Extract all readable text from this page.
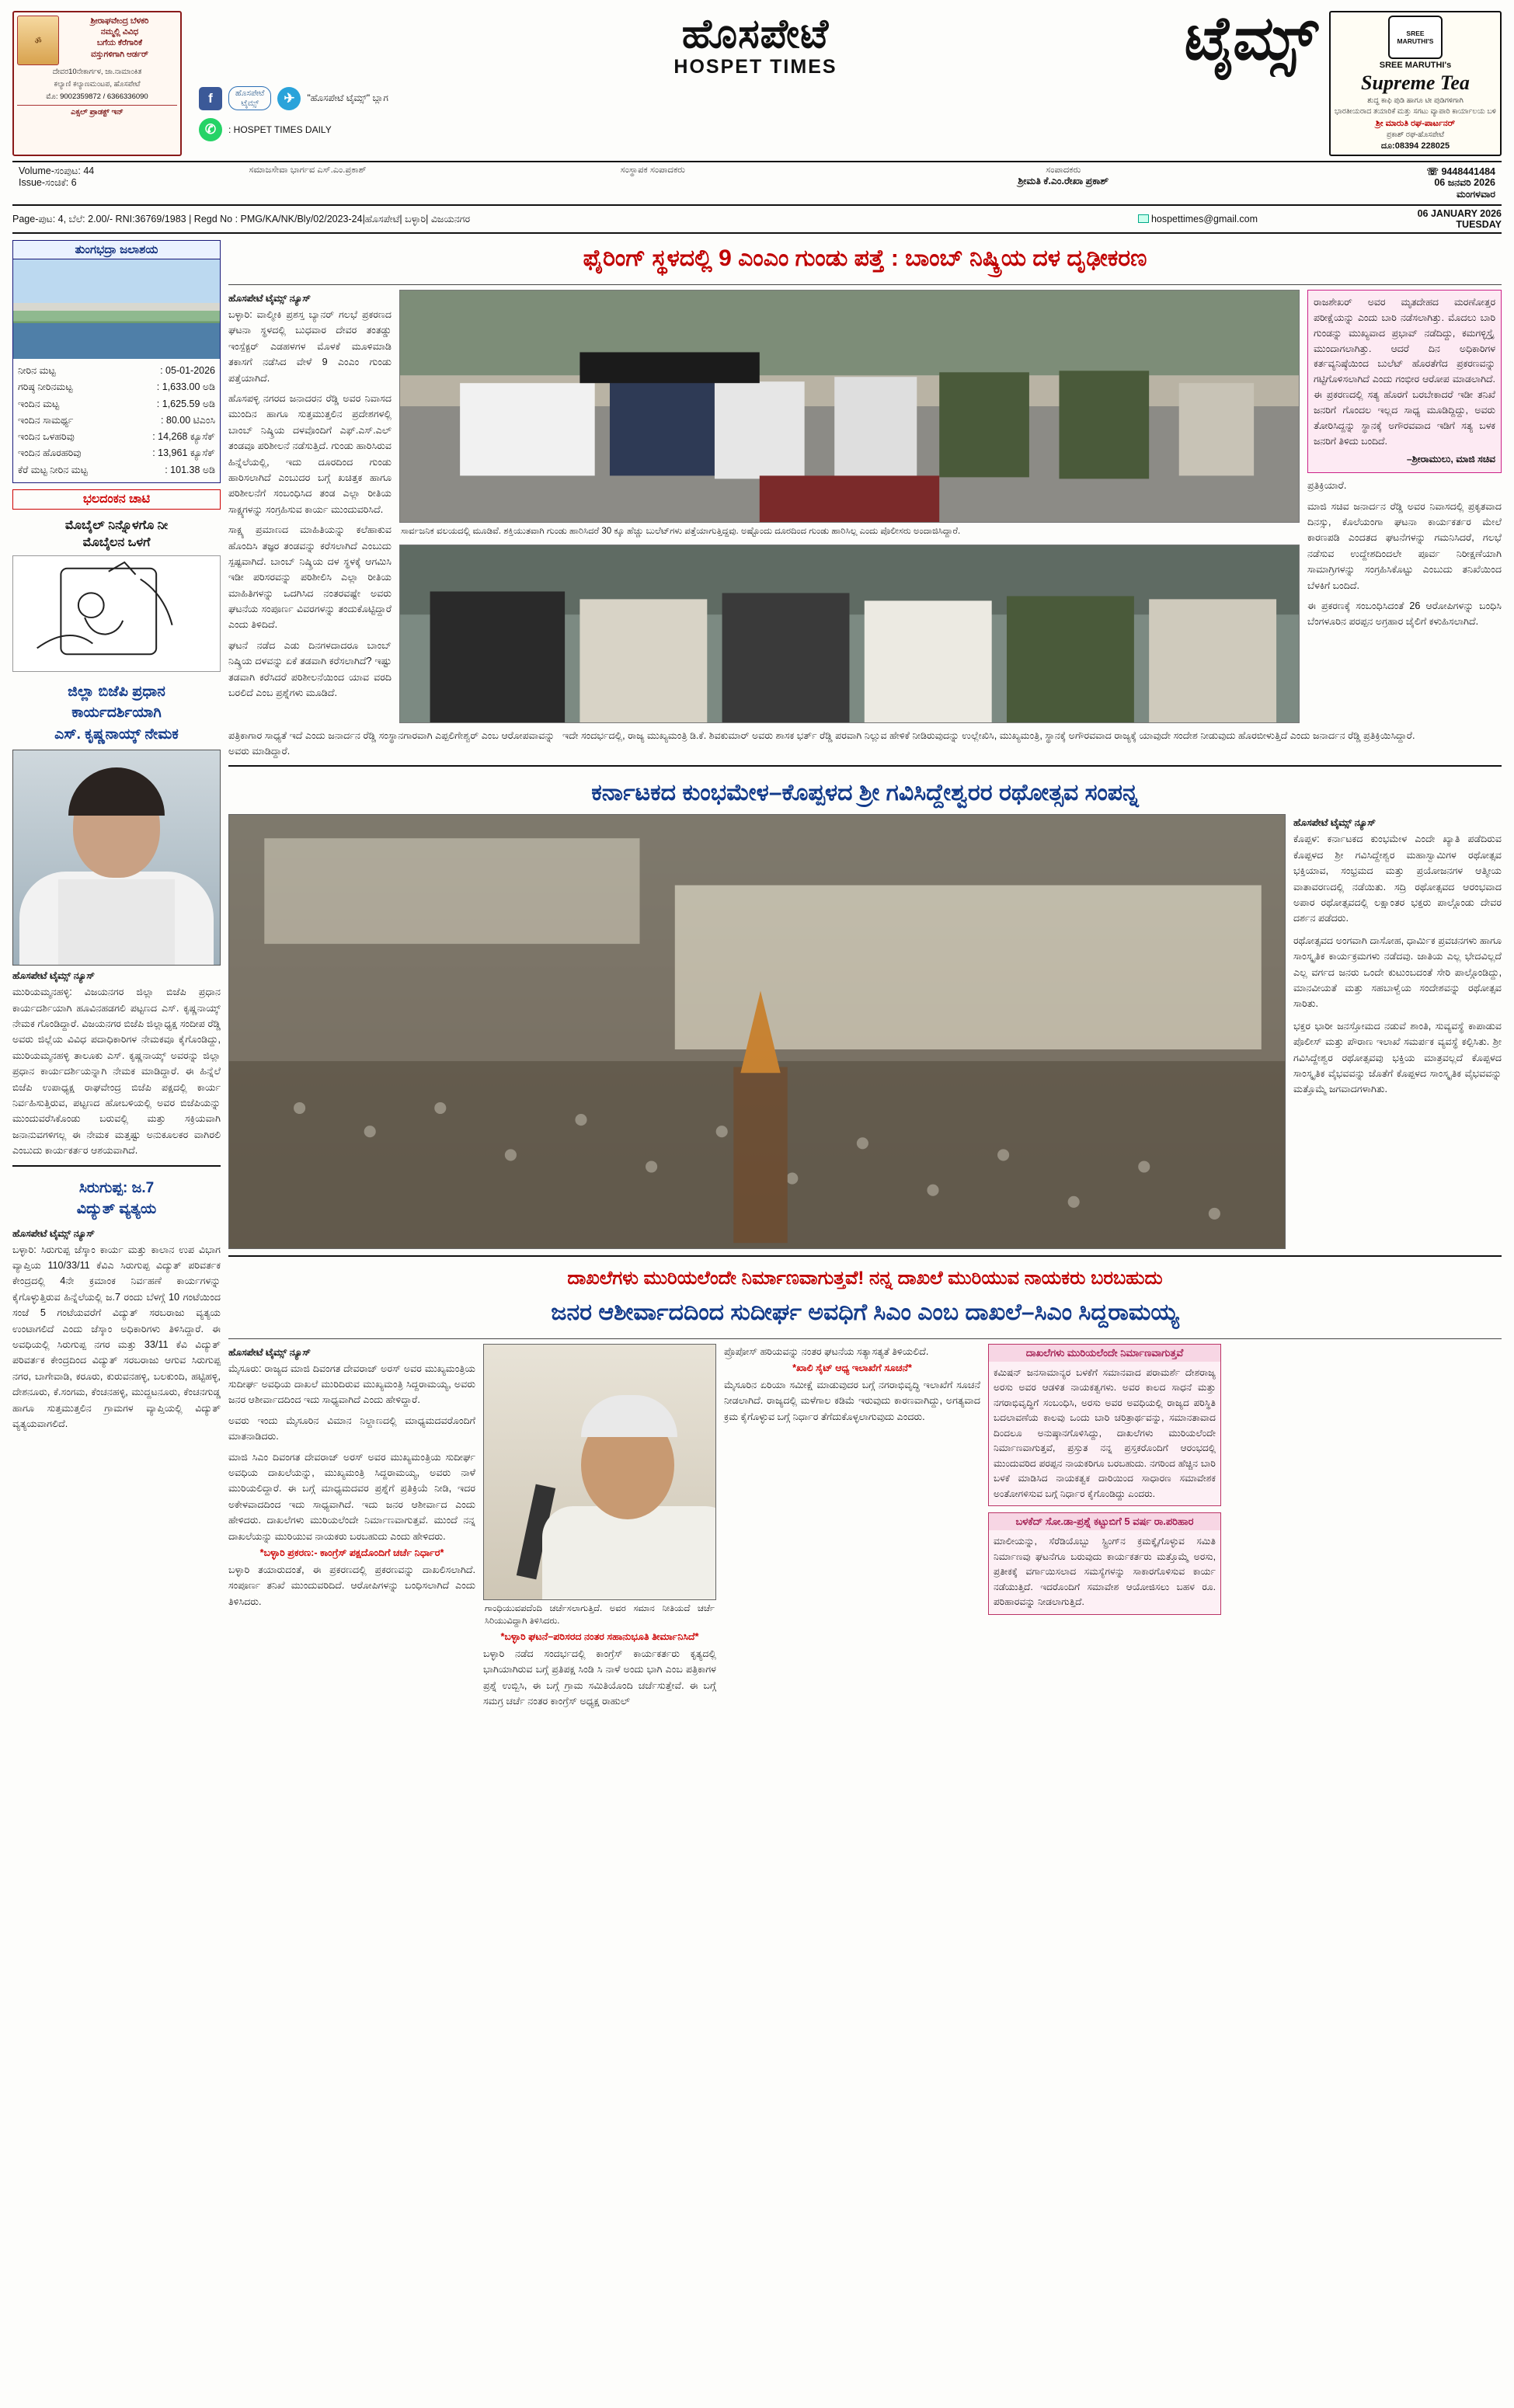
ॐ
ಶ್ರೀರಾಘವೇಂದ್ರ ಬೆಳಕರಿ
ನಮ್ಮಲ್ಲಿ ವಿವಿಧ
ಬಗೆಯ ಕೆರೆಗಾರಿಕೆ
ವಸ್ತುಗಳಿಗಾಗಿ ಆರ್ಡರ್
ದೇವರ10ನೇಕಾರ್ಗಳ, ಜಾ.ನಾಮಾಂಕಿತ
ಕಲ್ಯಾಣಿ ಕಲ್ಯಾಣಮಂಟಪ, ಹೊಸಪೇಟೆ
ಮೊ: 9002359872 / 6366336090
ಎಕ್ಸಲ್ ಪ್ರಾಡಕ್ಟ್ ಇನ್
ಹೊಸಪೇಟೆ
HOSPET TIMES	ಟೈಮ್ಸ್
f	ಹೊಸಪೇಟೆ
ಟೈಮ್ಸ್	✈	"ಹೊಸಪೇಟೆ ಟೈಮ್ಸ್" ಬ್ಲಾಗ
✆	: HOSPET TIMES DAILY
SREE
MARUTHI'S
SREE MARUTHI's
Supreme Tea
ಶುದ್ಧ ಕಾಫಿ ಪುಡಿ ಹಾಗೂ ಟೀ ಪುಡಿಗಳಿಗಾಗಿ
ಭಾರತೀಯರಾದ ತಯಾರಿಕೆ ಮತ್ತು ಸಗಟು ವ್ಯಾಪಾರಿ ಕಾರ್ಯಾಲಯ ಬಳಿ
ಶ್ರೀ ಮಾರುತಿ ರಘ-ಪಾರ್ಟನರ್
ಪ್ರಕಾಶ್ ರಘ-ಹೊಸಪೇಟೆ
ದೂ:08394 228025
Volume-ಸಂಪುಟ: 44
Issue-ಸಂಚಿಕೆ: 6
ಸಮಾಜಸೇವಾ ಭಾರ್ಗವ ಎಸ್.ಎಂ.ಪ್ರಕಾಶ್	ಸಂಸ್ಥಾಪಕ ಸಂಪಾದಕರು	ಸಂಪಾದಕರು
ಶ್ರೀಮತಿ ಕೆ.ಎಂ.ರೇಖಾ ಪ್ರಕಾಶ್
☏ 9448441484
06 ಜನವರಿ 2026
ಮಂಗಳವಾರ
Page-ಪುಟ: 4, ಬೆಲೆ: 2.00/- RNI:36769/1983 | Regd No : PMG/KA/NK/Bly/02/2023-24|ಹೊಸಪೇಟೆ| ಬಳ್ಳಾರಿ| ವಿಜಯನಗರ	hospettimes@gmail.com	06 JANUARY 2026
TUESDAY
ತುಂಗಭದ್ರಾ ಜಲಾಶಯ
ನೀರಿನ ಮಟ್ಟ	: 05-01-2026
ಗರಿಷ್ಠ ನೀರಿನಮಟ್ಟ	: 1,633.00 ಅಡಿ
ಇಂದಿನ ಮಟ್ಟ	: 1,625.59 ಅಡಿ
ಇಂದಿನ ಸಾಮರ್ಥ್ಯ	: 80.00 ಟಿಎಂಸಿ
ಇಂದಿನ ಒಳಹರಿವು	: 14,268 ಕ್ಯೂಸೆಕ್
ಇಂದಿನ ಹೊರಹರಿವು	: 13,961 ಕ್ಯೂಸೆಕ್
ಕೆರೆ ಮಟ್ಟ ನೀರಿನ ಮಟ್ಟ	: 101.38 ಅಡಿ
ಭಲದಂಕನ ಚಾಟಿ
ಮೊಬೈಲ್ ನಿನ್ನೊಳಗೊ ನೀ
ಮೊಬೈಲನ ಒಳಗೆ
ಜಿಲ್ಲಾ ಬಿಜೆಪಿ ಪ್ರಧಾನ
ಕಾರ್ಯದರ್ಶಿಯಾಗಿ
ಎಸ್. ಕೃಷ್ಣನಾಯ್ಕ್ ನೇಮಕ
ಹೊಸಪೇಟೆ ಟೈಮ್ಸ್ ನ್ಯೂಸ್
ಮುರಿಯಮ್ಮನಹಳ್ಳಿ: ವಿಜಯನಗರ ಜಿಲ್ಲಾ ಬಿಜೆಪಿ ಪ್ರಧಾನ ಕಾರ್ಯದರ್ಶಿಯಾಗಿ ಹೂವಿನಹಡಗಲಿ ಪಟ್ಟಣದ ಎಸ್. ಕೃಷ್ಣನಾಯ್ಕ್ ನೇಮಕ ಗೊಂಡಿದ್ದಾರೆ. ವಿಜಯನಗರ ಬಿಜೆಪಿ ಜಿಲ್ಲಾಧ್ಯಕ್ಷ ಸಂದೀಪ ರೆಡ್ಡಿ ಅವರು ಜಿಲ್ಲೆಯ ವಿವಿಧ ಪದಾಧಿಕಾರಿಗಳ ನೇಮಕವೂ ಕೈಗೊಂಡಿದ್ದು, ಮುರಿಯಮ್ಮನಹಳ್ಳಿ ತಾಲೂಕು ಎಸ್. ಕೃಷ್ಣನಾಯ್ಕ್ ಅವರನ್ನು ಜಿಲ್ಲಾ ಪ್ರಧಾನ ಕಾರ್ಯದರ್ಶಿಯನ್ನಾಗಿ ನೇಮಕ ಮಾಡಿದ್ದಾರೆ. ಈ ಹಿನ್ನೆಲೆ ಬಿಜೆಪಿ ಉಪಾಧ್ಯಕ್ಷ ರಾಘವೇಂದ್ರ ಬಿಜೆಪಿ ಪಕ್ಷದಲ್ಲಿ ಕಾರ್ಯ ನಿರ್ವಹಿಸುತ್ತಿರುವ, ಪಟ್ಟಣದ ಹೋಬಳಿಯಲ್ಲಿ ಅವರ ಬಿಜೆಪಿಯನ್ನು ಮುಂದುವರೆಸಿಕೊಂಡು ಬರುವಲ್ಲಿ ಮತ್ತು ಸಕ್ರಿಯವಾಗಿ ಜನಾನುವಗಳಿಗಲ್ಲ ಈ ನೇಮಕ ಮತ್ತಷ್ಟು ಅನುಕೂಲಕರ ವಾಗಿರಲಿ ಎಂಬುದು ಕಾರ್ಯಕರ್ತರ ಆಶಯವಾಗಿದೆ.
ಸಿರುಗುಪ್ಪ: ಜ.7
ವಿದ್ಯುತ್ ವ್ಯತ್ಯಯ
ಹೊಸಪೇಟೆ ಟೈಮ್ಸ್ ನ್ಯೂಸ್
ಬಳ್ಳಾರಿ: ಸಿರುಗುಪ್ಪ ಜೆಸ್ಕಾಂ ಕಾರ್ಯ ಮತ್ತು ಕಾಲಾನ ಉಪ ವಿಭಾಗ ವ್ಯಾಪ್ತಿಯ 110/33/11 ಕೆವಿಎ ಸಿರುಗುಪ್ಪ ವಿದ್ಯುತ್ ಪರಿವರ್ತಕ ಕೇಂದ್ರದಲ್ಲಿ 4ನೇ ಕ್ರಮಾಂಕ ನಿರ್ವಹಣೆ ಕಾರ್ಯಗಳನ್ನು ಕೈಗೊಳ್ಳುತ್ತಿರುವ ಹಿನ್ನೆಲೆಯಲ್ಲಿ ಜ.7 ರಂದು ಬೆಳಗ್ಗೆ 10 ಗಂಟೆಯಿಂದ ಸಂಜೆ 5 ಗಂಟೆಯವರೆಗೆ ವಿದ್ಯುತ್ ಸರಬರಾಜು ವ್ಯತ್ಯಯ ಉಂಟಾಗಲಿದೆ ಎಂದು ಜೆಸ್ಕಾಂ ಅಧಿಕಾರಿಗಳು ತಿಳಿಸಿದ್ದಾರೆ. ಈ ಅವಧಿಯಲ್ಲಿ ಸಿರುಗುಪ್ಪ ನಗರ ಮತ್ತು 33/11 ಕೆವಿ ವಿದ್ಯುತ್ ಪರಿವರ್ತಕ ಕೇಂದ್ರದಿಂದ ವಿದ್ಯುತ್ ಸರಬರಾಜು ಆಗುವ ಸಿರುಗುಪ್ಪ ನಗರ, ಬಾಗೇವಾಡಿ, ಕರೂರು, ಕುರುವನಹಳ್ಳಿ, ಬಲಕುಂದಿ, ಹಟ್ಟಿಹಳ್ಳಿ, ದೇಶನೂರು, ಕೆ.ಸಂಗಮ, ಕೆಂಚನಹಳ್ಳಿ, ಮುದ್ದಟನೂರು, ಕೆಂಚನಗುಡ್ಡ ಹಾಗೂ ಸುತ್ತಮುತ್ತಲಿನ ಗ್ರಾಮಗಳ ವ್ಯಾಪ್ತಿಯಲ್ಲಿ ವಿದ್ಯುತ್ ವ್ಯತ್ಯಯವಾಗಲಿದೆ.
ಫೈರಿಂಗ್ ಸ್ಥಳದಲ್ಲಿ 9 ಎಂಎಂ ಗುಂಡು ಪತ್ತೆ : ಬಾಂಬ್ ನಿಷ್ಕ್ರಿಯ ದಳ ದೃಢೀಕರಣ
ಹೊಸಪೇಟೆ ಟೈಮ್ಸ್ ನ್ಯೂಸ್
ಬಳ್ಳಾರಿ: ವಾಲ್ಮೀಕಿ ಪ್ರಶಸ್ತ ಬ್ಯಾನರ್ ಗಲಭೆ ಪ್ರಕರಣದ ಘಟನಾ ಸ್ಥಳದಲ್ಲಿ ಬುಧವಾರ ದೇವರ ತಂತಡ್ಡು ಇಂಸ್ಪೆಕ್ಟರ್ ಎಡಹಳಗಳ ಮೊಳಕೆ ಮೂಳಿಮಾಡಿ ತಕಾಸಗೆ ನಡೆಸಿದ ವೇಳೆ 9 ಎಂಎಂ ಗುಂಡು ಪತ್ತೆಯಾಗಿದೆ.
ಹೊಸಪಳ್ಳಿ ನಗರದ ಜನಾದರನ ರೆಡ್ಡಿ ಅವರ ನಿವಾಸದ ಮುಂದಿನ ಹಾಗೂ ಸುತ್ತಮುತ್ತಲಿನ ಪ್ರದೇಶಗಳಲ್ಲಿ ಬಾಂಬ್ ನಿಷ್ಕ್ರಿಯ ದಳವೊಂದಿಗೆ ಎಫ್.ಎಸ್.ಎಲ್ ತಂಡವೂ ಪರಿಶೀಲನೆ ನಡೆಸುತ್ತಿದೆ. ಗುಂಡು ಹಾರಿಸಿರುವ ಹಿನ್ನೆಲೆಯಲ್ಲಿ, ಇದು ದೂರದಿಂದ ಗುಂಡು ಹಾರಿಸಲಾಗಿದೆ ಎಂಬುದರ ಬಗ್ಗೆ ಖಚಿತ್ತಕ ಹಾಗೂ ಪರಿಶೀಲನೆಗೆ ಸಂಬಂಧಿಸಿದ ತಂಡ ಎಲ್ಲಾ ರೀತಿಯ ಸಾಕ್ಷ್ಯಗಳನ್ನು ಸಂಗ್ರಹಿಸುವ ಕಾರ್ಯ ಮುಂದುವರಿಸಿದೆ.
ಸಾಕ್ಷ್ಯ ಪ್ರಮಾಣದ ಮಾಹಿತಿಯನ್ನು ಕಲೆಹಾಕುವ ಹೊಂದಿಸಿ ತಜ್ಞರ ತಂಡವನ್ನು ಕರೆಸಲಾಗಿದೆ ಎಂಬುದು ಸ್ಪಷ್ಟವಾಗಿದೆ. ಬಾಂಬ್ ನಿಷ್ಕ್ರಿಯ ದಳ ಸ್ಥಳಕ್ಕೆ ಆಗಮಿಸಿ ಇಡೀ ಪರಿಸರವನ್ನು ಪರಿಶೀಲಿಸಿ ಎಲ್ಲಾ ರೀತಿಯ ಮಾಹಿತಿಗಳನ್ನು ಒದಗಿಸಿದ ನಂತರವಷ್ಟೇ ಅವರು ಘಟನೆಯ ಸಂಪೂರ್ಣ ವಿವರಗಳನ್ನು ತಂದುಕೊಟ್ಟಿದ್ದಾರೆ ಎಂದು ತಿಳಿದಿದೆ.
ಘಟನೆ ನಡೆದ ಎಡು ದಿನಗಳದಾದರೂ ಬಾಂಬ್ ನಿಷ್ಕ್ರಿಯ ದಳವನ್ನು ಏಕೆ ತಡವಾಗಿ ಕರೆಸಲಾಗಿದೆ? ಇಷ್ಟು ತಡವಾಗಿ ಕರೆಸಿದರೆ ಪರಿಶೀಲನೆಯಿಂದ ಯಾವ ವರದಿ ಬರಲಿದೆ ಎಂಬ ಪ್ರಶ್ನೆಗಳು ಮೂಡಿದೆ.
ಸಾರ್ವಜನಿಕ ವಲಯದಲ್ಲಿ ಮೂಡಿವೆ. ಶಕ್ತಿಯುತವಾಗಿ ಗುಂಡು ಹಾರಿಸಿದರೆ 30 ಕ್ಕೂ ಹೆಚ್ಚು ಬುಲೆಟ್‌ಗಳು ಪತ್ತೆಯಾಗುತ್ತಿದ್ದವು. ಅಷ್ಟೊಂದು ದೂರದಿಂದ ಗುಂಡು ಹಾರಿಸಿಲ್ಲ ಎಂದು ಪೊಲೀಸರು ಅಂದಾಜಿಸಿದ್ದಾರೆ.
ರಾಜಶೇಖರ್ ಅವರ ಮೃತದೇಹದ ಮರಣೋತ್ತರ ಪರೀಕ್ಷೆಯನ್ನು ಎಂದು ಬಾರಿ ನಡೆಸಲಾಗಿತ್ತು. ಮೊದಲು ಬಾರಿ ಗುಂಡನ್ನು ಮುಖ್ಯವಾದ ಪ್ರಭಾವ್ ನಡೆದಿದ್ದು, ಕಮಗಳ್ಳಿಸ್ತ್ರೈ ಮುಂದಾಗಲಾಗಿತ್ತು. ಆದರೆ ದಿನ ಅಧಿಕಾರಿಗಳ ಕರ್ತವ್ಯನಿಷ್ಠೆಯಿಂದ ಬುಲೆಟ್ ಹೊರತೆಗೆದ ಪ್ರಕರಣವನ್ನು ಗಟ್ಟಿಗೊಳಿಸಲಾಗಿದೆ ಎಂದು ಗಂಭೀರ ಆರೋಪ ಮಾಡಲಾಗಿದೆ. ಈ ಪ್ರಕರಣದಲ್ಲಿ ಸತ್ಯ ಹೊರಗೆ ಬರಬೇಕಾದರೆ ಇಡೀ ತನಿಖೆ ಜನರಿಗೆ ಗೊಂದಲ ಇಲ್ಲದ ಸಾಧ್ಯ ಮೂಡಿದ್ದಿದ್ದು, ಅವರು ತೋರಿಸಿದ್ದನ್ನು ಸ್ಥಾನಕ್ಕೆ ಅಗೌರವವಾದ ಇಡಿಗೆ ಸತ್ಯ ಬಳಕ ಜನರಿಗೆ ತಿಳಿದು ಬಂದಿದೆ.
–ಶ್ರೀರಾಮುಲು, ಮಾಜಿ ಸಚಿವ
ಪ್ರತಿಕ್ರಿಯಾರೆ.
ಮಾಜಿ ಸಚಿವ ಜನಾರ್ದನ ರೆಡ್ಡಿ ಅವರ ನಿವಾಸದಲ್ಲಿ ಪ್ರಕೃತವಾದ ದಿನಸ್ಸು, ಕೊಲೆಯಂಗಾ ಘಟನಾ ಕಾರ್ಯಕರ್ತರ ಮೇಲೆ ಕಾರಣಪಡಿ ಎಂದತದ ಘಟನೆಗಳನ್ನು ಗಮನಿಸಿದರೆ, ಗಲಭೆ ನಡೆಸುವ ಉದ್ದೇಶದಿಂದಲೇ ಪೂರ್ವ ನಿರೀಕ್ಷಣೆಯಾಗಿ ಸಾಮಾಗ್ರಿಗಳನ್ನು ಸಂಗ್ರಹಿಸಿಕೊಟ್ಟು ಎಂಬುದು ತನಿಖೆಯಿಂದ ಬೆಳಕಿಗೆ ಬಂದಿದೆ.
ಈ ಪ್ರಕರಣಕ್ಕೆ ಸಂಬಂಧಿಸಿದಂತೆ 26 ಆರೋಪಿಗಳನ್ನು ಬಂಧಿಸಿ ಬೆಂಗಳೂರಿನ ಪರಪ್ಪನ ಅಗ್ರಹಾರ ಜೈಲಿಗೆ ಕಳುಹಿಸಲಾಗಿದೆ.
ಪತ್ರಿಕಾಗಾರ ಸಾಧ್ಯತೆ ಇದೆ ಎಂದು ಜನಾರ್ದನ ರೆಡ್ಡಿ ಸಂಸ್ಥಾನಗಾರವಾಗಿ ಎಪ್ಪಲಿಗೇಶ್ವರ್ ಎಂಬ ಆರೋಪವಾವನ್ನು ಅವರು ಮಾಡಿದ್ದಾರೆ.
ಇದೇ ಸಂದರ್ಭದಲ್ಲಿ, ರಾಜ್ಯ ಮುಖ್ಯಮಂತ್ರಿ ಡಿ.ಕೆ. ಶಿವಕುಮಾರ್ ಅವರು ಶಾಸಕ ಭರ್ತ್ ರೆಡ್ಡಿ ಪರವಾಗಿ ನಿಲ್ಲುವ ಹೇಳಿಕೆ ನೀಡಿರುವುದನ್ನು ಉಲ್ಲೇಖಿಸಿ, ಮುಖ್ಯಮಂತ್ರಿ, ಸ್ಥಾನಕ್ಕೆ ಅಗೌರವವಾದ ರಾಜ್ಯಕ್ಕೆ ಯಾವುದೇ ಸಂದೇಶ ನೀಡುವುದು ಹೊರಬೀಳುತ್ತಿದೆ ಎಂದು ಜನಾರ್ದನ ರೆಡ್ಡಿ ಪ್ರತಿಕ್ರಿಯಿಸಿದ್ದಾರೆ.
ಕರ್ನಾಟಕದ ಕುಂಭಮೇಳ–ಕೊಪ್ಪಳದ ಶ್ರೀ ಗವಿಸಿದ್ದೇಶ್ವರರ ರಥೋತ್ಸವ ಸಂಪನ್ನ
ಹೊಸಪೇಟೆ ಟೈಮ್ಸ್ ನ್ಯೂಸ್
ಕೊಪ್ಪಳ: ಕರ್ನಾಟಕದ ಕುಂಭಮೇಳ ಎಂದೇ ಖ್ಯಾತಿ ಪಡೆದಿರುವ ಕೊಪ್ಪಳದ ಶ್ರೀ ಗವಿಸಿದ್ದೇಶ್ವರ ಮಹಾಸ್ವಾಮಿಗಳ ರಥೋತ್ಸವ ಭಕ್ತಿಯಾವ, ಸಂಭ್ರಮದ ಮತ್ತು ಪ್ರಯೋಜನಗಳ ಆತ್ಮೀಯ ವಾತಾವರಣದಲ್ಲಿ ನಡೆಯಿತು. ಸದ್ರಿ ರಥೋತ್ಸವದ ಆರಂಭವಾದ ಅಪಾರ ರಥೋತ್ಸವದಲ್ಲಿ ಲಕ್ಷಾಂತರ ಭಕ್ತರು ಪಾಲ್ಗೊಂಡು ದೇವರ ದರ್ಶನ ಪಡೆದರು.
ರಥೋತ್ಸವದ ಅಂಗವಾಗಿ ದಾಸೋಹ, ಧಾರ್ಮಿಕ ಪ್ರವಚನಗಳು ಹಾಗೂ ಸಾಂಸ್ಕೃತಿಕ ಕಾರ್ಯಕ್ರಮಗಳು ನಡೆದವು. ಜಾತಿಯ ಎಲ್ಲ ಭೇದವಿಲ್ಲದೆ ಎಲ್ಲ ವರ್ಗದ ಜನರು ಒಂದೇ ಕುಟುಂಬದಂತೆ ಸೇರಿ ಪಾಲ್ಗೊಂಡಿದ್ದು, ಮಾನವೀಯತೆ ಮತ್ತು ಸಹಬಾಳ್ವೆಯ ಸಂದೇಶವನ್ನು ರಥೋತ್ಸವ ಸಾರಿತು.
ಭಕ್ತರ ಭಾರೀ ಜನಸ್ತೋಮದ ನಡುವೆ ಶಾಂತಿ, ಸುವ್ಯವಸ್ಥೆ ಕಾಪಾಡುವ ಪೊಲೀಸ್ ಮತ್ತು ಪೌರಾಣ ಇಲಾಖೆ ಸಮರ್ಪಕ ವ್ಯವಸ್ಥೆ ಕಲ್ಪಿಸಿತು. ಶ್ರೀ ಗವಿಸಿದ್ದೇಶ್ವರ ರಥೋತ್ಸವವು ಭಕ್ತಿಯ ಮಾತ್ರವಲ್ಲದೆ ಕೊಪ್ಪಳದ ಸಾಂಸ್ಕೃತಿಕ ವೈಭವವನ್ನು ಜೊತೆಗೆ ಕೊಪ್ಪಳದ ಸಾಂಸ್ಕೃತಿಕ ವೈಭವವನ್ನು ಮತ್ತೊಮ್ಮೆ ಜಗವಾದಗಳಾಗಿತು.
ದಾಖಲೆಗಳು ಮುರಿಯಲೆಂದೇ ನಿರ್ಮಾಣವಾಗುತ್ತವೆ! ನನ್ನ ದಾಖಲೆ ಮುರಿಯುವ ನಾಯಕರು ಬರಬಹುದು
ಜನರ ಆಶೀರ್ವಾದದಿಂದ ಸುದೀರ್ಘ ಅವಧಿಗೆ ಸಿಎಂ ಎಂಬ ದಾಖಲೆ–ಸಿಎಂ ಸಿದ್ದರಾಮಯ್ಯ
ಹೊಸಪೇಟೆ ಟೈಮ್ಸ್ ನ್ಯೂಸ್
ಮೈಸೂರು: ರಾಜ್ಯದ ಮಾಜಿ ದಿವಂಗತ ದೇವರಾಜ್ ಅರಸ್ ಅವರ ಮುಖ್ಯಮಂತ್ರಿಯ ಸುದೀರ್ಘ ಅವಧಿಯ ದಾಖಲೆ ಮುರಿದಿರುವ ಮುಖ್ಯಮಂತ್ರಿ ಸಿದ್ದರಾಮಯ್ಯ, ಅವರು ಜನರ ಆಶೀರ್ವಾದದಿಂದ ಇದು ಸಾಧ್ಯವಾಗಿದೆ ಎಂದು ಹೇಳಿದ್ದಾರೆ.
ಅವರು ಇಂದು ಮೈಸೂರಿನ ವಿಮಾನ ನಿಲ್ದಾಣದಲ್ಲಿ ಮಾಧ್ಯಮದವರೊಂದಿಗೆ ಮಾತನಾಡಿದರು.
ಮಾಜಿ ಸಿಎಂ ದಿವಂಗತ ದೇವರಾಜ್ ಅರಸ್ ಅವರ ಮುಖ್ಯಮಂತ್ರಿಯ ಸುದೀರ್ಘ ಅವಧಿಯ ದಾಖಲೆಯನ್ನು, ಮುಖ್ಯಮಂತ್ರಿ ಸಿದ್ದರಾಮಯ್ಯ, ಅವರು ನಾಳೆ ಮುರಿಯಲಿದ್ದಾರೆ. ಈ ಬಗ್ಗೆ ಮಾಧ್ಯಮದವರ ಪ್ರಶ್ನೆಗೆ ಪ್ರತಿಕ್ರಿಯೆ ನೀಡಿ, ಇದರ ಅಕೇಳವಾದದಿಂದ ಇದು ಸಾಧ್ಯವಾಗಿದೆ. ಇದು ಜನರ ಆಶೀರ್ವಾದ ಎಂದು ಹೇಳಿದರು. ದಾಖಲೆಗಳು ಮುರಿಯಲೆಂದೇ ನಿರ್ಮಾಣವಾಗುತ್ತವೆ. ಮುಂದೆ ನನ್ನ ದಾಖಲೆಯನ್ನು ಮುರಿಯುವ ನಾಯಕರು ಬರಬಹುದು ಎಂದು ಹೇಳಿದರು.
*ಬಳ್ಳಾರಿ ಪ್ರಕರಣ:- ಕಾಂಗ್ರೆಸ್ ಪಕ್ಷದೊಂದಿಗೆ ಚರ್ಚೆ ನಿರ್ಧಾರ*
ಬಳ್ಳಾರಿ ತಯಾರುದಂತೆ, ಈ ಪ್ರಕರಣದಲ್ಲಿ ಪ್ರಕರಣವನ್ನು ದಾಖಲಿಸಲಾಗಿದೆ. ಸಂಪೂರ್ಣ ತನಿಖೆ ಮುಂದುವರಿದಿದೆ. ಆರೋಪಿಗಳನ್ನು ಬಂಧಿಸಲಾಗಿದೆ ಎಂದು ತಿಳಿಸಿದರು.
ಗಾಂಧಿಯುವಪದೆಂದಿ ಚರ್ಚೆಸಲಾಗುತ್ತಿದೆ. ಅವರ ಸಮಾನ ನೀತಿಯದೆ ಚರ್ಚೆ ಸಿರಿಯುವಿದ್ದಾಗಿ ತಿಳಿಸಿದರು.
*ಬಳ್ಳಾರಿ ಘಟನೆ–ಪರಿಸರದ ನಂತರ ಸಹಾನುಭೂತಿ ತೀರ್ಮಾನಿಸಿದೆ*
ಬಳ್ಳಾರಿ ನಡೆದ ಸಂದರ್ಭದಲ್ಲಿ ಕಾಂಗ್ರೆಸ್ ಕಾರ್ಯಕರ್ತರು ಕೃತ್ಯದಲ್ಲಿ ಭಾಗಿಯಾಗಿರುವ ಬಗ್ಗೆ ಪ್ರತಿಪಕ್ಷ ಸಿಂಡಿ ಸಿ ನಾಳೆ ಅಂದು ಭಾಗಿ ಎಂಬ ಪತ್ರಿಕಾಗಳ ಪ್ರಶ್ನೆ ಉಬ್ಬಿಸಿ, ಈ ಬಗ್ಗೆ ಗ್ರಾಮ ಸಮಿತಿಯೊಂದಿ ಚರ್ಚೆಸುತ್ತೇವೆ. ಈ ಬಗ್ಗೆ ಸಮಗ್ರ ಚರ್ಚೆ ನಂತರ ಕಾಂಗ್ರೆಸ್ ಅಧ್ಯಕ್ಷ ರಾಹುಲ್
ಪ್ರೊಪೋಸ್ ಹರಿಯವನ್ನು ನಂತರ ಘಟನೆಯ ಸತ್ಯಾಸತ್ಯತೆ ತಿಳಿಯಲಿದೆ.
*ಖಾಲಿ ಸೈಟ್ ಆಧ್ಯ ಇಲಾಖೆಗೆ ಸೂಚನೆ*
ಮೈಸೂರಿನ ಏರಿಯಾ ಸಮೀಕ್ಷೆ ಮಾಡುವುದರ ಬಗ್ಗೆ ನಗರಾಭಿವೃದ್ಧಿ ಇಲಾಖೆಗೆ ಸೂಚನೆ ನೀಡಲಾಗಿದೆ. ರಾಜ್ಯದಲ್ಲಿ ಮಳೆಗಾಲ ಕಡಿಮೆ ಇರುವುದು ಕಾರಣವಾಗಿದ್ದು, ಅಗತ್ಯವಾದ ಕ್ರಮ ಕೈಗೊಳ್ಳುವ ಬಗ್ಗೆ ನಿರ್ಧಾರ ತೆಗೆದುಕೊಳ್ಳಲಾಗುವುದು ಎಂದರು.
ದಾಖಲೆಗಳು ಮುರಿಯಲೆಂದೇ ನಿರ್ಮಾಣವಾಗುತ್ತವೆ
ಕಮಿಷನ್ ಜನಸಾಮಾನ್ಯರ ಬಳಕೆಗೆ ಸಮಾನವಾದ ಪರಾಮರ್ಶೆ ದೇಶರಾಜ್ಯ ಅರಸು ಅವರ ಆಡಳಿತ ನಾಯಕತ್ವಗಳು. ಅವರ ಕಾಲದ ಸಾಧನೆ ಮತ್ತು ನಗರಾಭಿವೃದ್ಧಿಗೆ ಸಂಬಂಧಿಸಿ, ಅರಸು ಅವರ ಅವಧಿಯಲ್ಲಿ ರಾಜ್ಯದ ಪರಿಸ್ಥಿತಿ ಬದಲಾವಣೆಯ ಕಾಲವು ಒಂದು ಬಾರಿ ಚರಿತ್ರಾರ್ಥವನ್ನು, ಸಮಾನತಾವಾದ ದಿಂದಲೂ ಅನುಷ್ಠಾನಗೊಳಿಸಿದ್ದು, ದಾಖಲೆಗಳು ಮುರಿಯಲೆಂದೇ ನಿರ್ಮಾಣವಾಗುತ್ತವೆ, ಪ್ರಸ್ತುತ ನನ್ನ ಪ್ರಸ್ತಕರೊಂದಿಗೆ ಆರಂಭದಲ್ಲಿ ಮುಂದುವರಿದ ಪರಪ್ಪನ ನಾಯಕರಿಗೂ ಬರಬಹುದು. ನಗರಿಂದ ಹೆಚ್ಚಿನ ಬಾರಿ ಬಳಕೆ ಮಾಡಿಸಿದ ನಾಯಕತ್ವಕ ದಾರಿಯಿಂದ ಸಾಧಾರಣ ಸಮಾವೇಶಕ ಅಂತೋಗಳಿಸುವ ಬಗ್ಗೆ ನಿರ್ಧಾರ ಕೈಗೊಂಡಿದ್ದು ಎಂದರು.
ಬಳಕೆದ್ ಸೋ.ಡಾ-ಪ್ರಶ್ನೆ ಕಟ್ಟುಬಿಗೆ 5 ವರ್ಷ ರಾ.ಪರಿಹಾರ
ಮಾಲೀಯನ್ನು, ಸೆರೆಡಿಯೊಬ್ಬು ಸ್ಟ್ರಿಂಗ್‌ನ ಕ್ರಮಕ್ಕೈಗೊಳ್ಳುವ ಸಮಿತಿ ನಿರ್ಮಾಣವು ಘಟನೆಗೂ ಬರುವುದು ಕಾರ್ಯಕರ್ತರು ಮತ್ತೊಮ್ಮೆ ಅರಸು, ಪ್ರತೀಕಕ್ಕೆ ವರ್ಗಾಯಿಸಲಾದ ಸಮಸ್ಯೆಗಳನ್ನು ಸಾಕಾರಗೊಳಿಸುವ ಕಾರ್ಯ ನಡೆಯುತ್ತಿದೆ. ಇದರೊಂದಿಗೆ ಸಮಾವೇಶ ಆಯೋಜಿಸಲು ಬಹಳ ರೂ. ಪರಿಹಾರವನ್ನು ನೀಡಲಾಗುತ್ತಿದೆ.
